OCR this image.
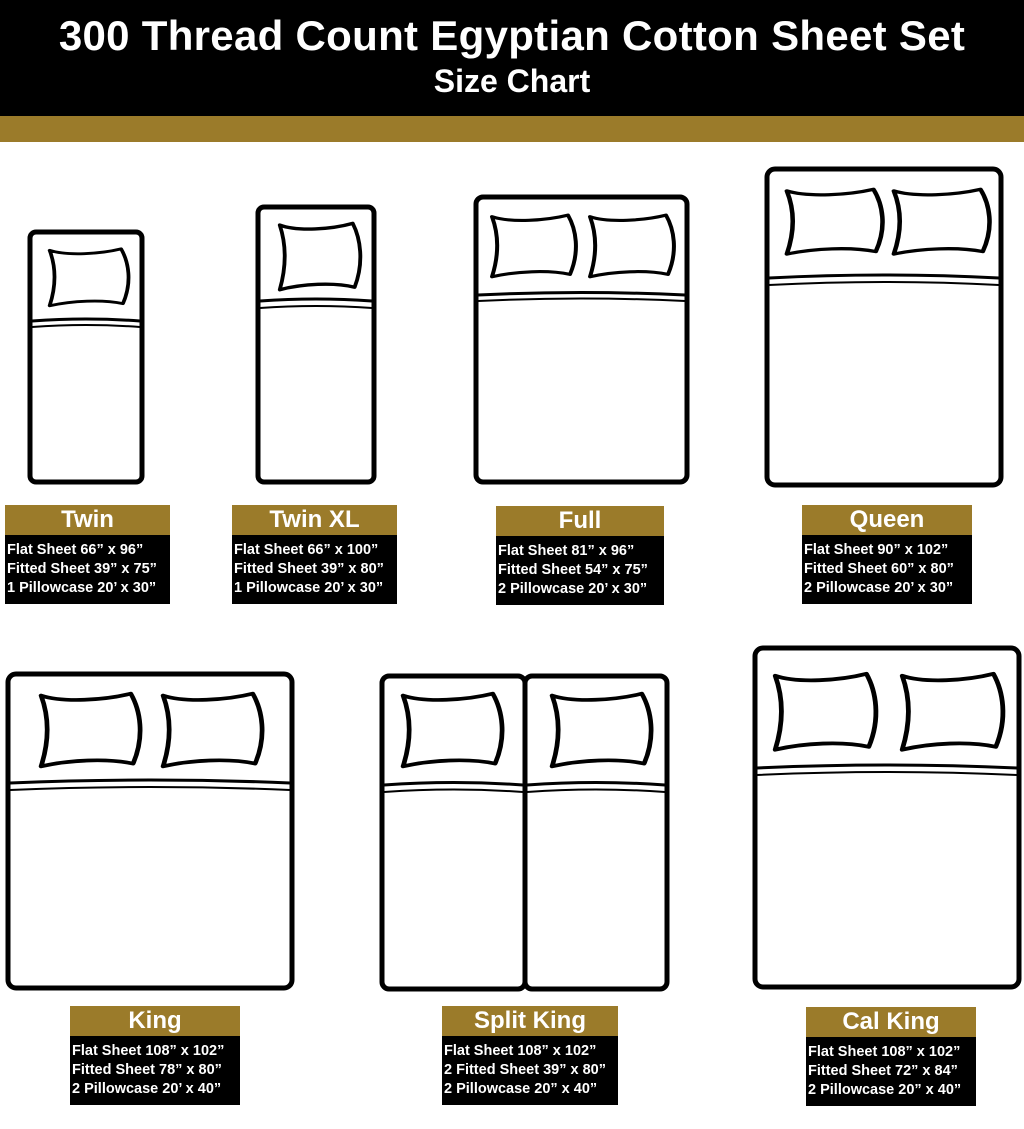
300 Thread Count Egyptian Cotton Sheet Set
Size Chart
Twin
Flat Sheet 66” x 96”
Fitted Sheet 39” x 75”
1 Pillowcase 20’ x 30”
Twin XL
Flat Sheet 66” x 100”
Fitted Sheet 39” x 80”
1 Pillowcase 20’ x 30”
Full
Flat Sheet 81” x 96”
Fitted Sheet 54” x 75”
2 Pillowcase 20’ x 30”
Queen
Flat Sheet 90” x 102”
Fitted Sheet 60” x 80”
2 Pillowcase 20’ x 30”
King
Flat Sheet 108” x 102”
Fitted Sheet 78” x 80”
2 Pillowcase 20’ x 40”
Split King
Flat Sheet 108” x 102”
2 Fitted Sheet 39” x 80”
2 Pillowcase 20” x 40”
Cal King
Flat Sheet 108” x 102”
Fitted Sheet 72” x 84”
2 Pillowcase 20” x 40”
